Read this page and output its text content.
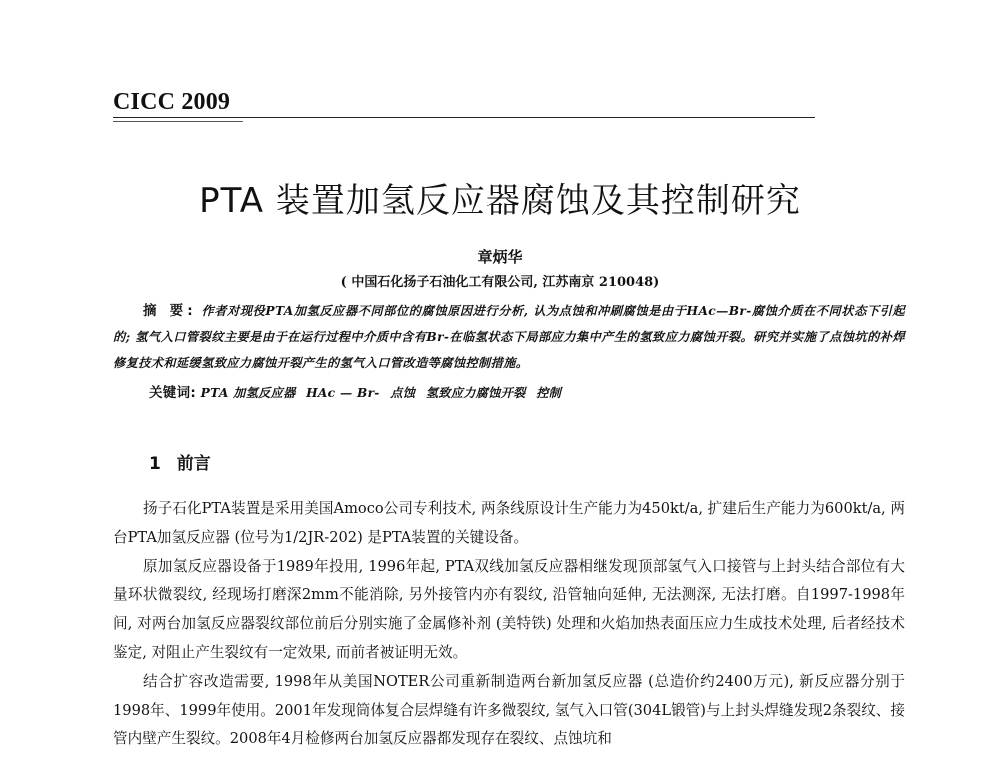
CICC 2009
PTA 装置加氢反应器腐蚀及其控制研究
章炳华
( 中国石化扬子石油化工有限公司, 江苏南京 210048)
摘 要: 作者对现役PTA加氢反应器不同部位的腐蚀原因进行分析, 认为点蚀和冲刷腐蚀是由于HAc—Br-腐蚀介质在不同状态下引起的; 氢气入口管裂纹主要是由于在运行过程中介质中含有Br-在临氢状态下局部应力集中产生的氢致应力腐蚀开裂。研究并实施了点蚀坑的补焊修复技术和延缓氢致应力腐蚀开裂产生的氢气入口管改造等腐蚀控制措施。
关键词: PTA 加氢反应器 HAc — Br- 点蚀 氢致应力腐蚀开裂 控制
1 前言

扬子石化PTA装置是采用美国Amoco公司专利技术, 两条线原设计生产能力为450kt/a, 扩建后生产能力为600kt/a, 两台PTA加氢反应器 (位号为1/2JR-202) 是PTA装置的关键设备。

原加氢反应器设备于1989年投用, 1996年起, PTA双线加氢反应器相继发现顶部氢气入口接管与上封头结合部位有大量环状微裂纹, 经现场打磨深2mm不能消除, 另外接管内亦有裂纹, 沿管轴向延伸, 无法测深, 无法打磨。自1997-1998年间, 对两台加氢反应器裂纹部位前后分别实施了金属修补剂 (美特铁) 处理和火焰加热表面压应力生成技术处理, 后者经技术鉴定, 对阻止产生裂纹有一定效果, 而前者被证明无效。

结合扩容改造需要, 1998年从美国NOTER公司重新制造两台新加氢反应器 (总造价约2400万元), 新反应器分别于1998年、1999年使用。2001年发现筒体复合层焊缝有许多微裂纹, 氢气入口管(304L锻管)与上封头焊缝发现2条裂纹、接管内壁产生裂纹。2008年4月检修两台加氢反应器都发现存在裂纹、点蚀坑和
